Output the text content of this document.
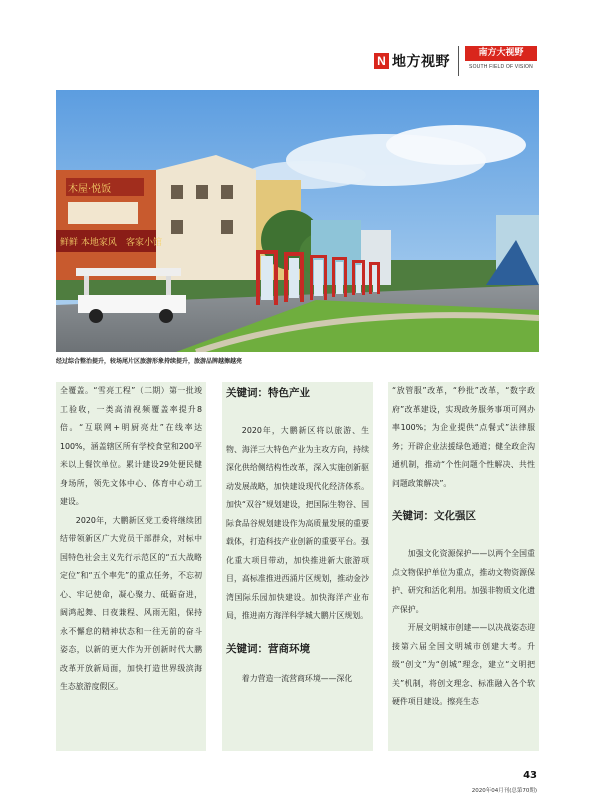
N 地方视野
南方大视野
SOUTH FIELD OF VISION
木屋·悦饭
鲜鲜 本地家风 客家小馆
经过综合整治提升，较场尾片区旅游形象持续提升，旅游品牌越擦越亮

全覆盖。“雪亮工程”（二期）第一批竣工验收，一类高清视频覆盖率提升8倍。“互联网+明厨亮灶”在线率达100%，涵盖辖区所有学校食堂和200平米以上餐饮单位。累计建设29处便民健身场所，领先文体中心、体育中心动工建设。

2020年，大鹏新区党工委将继续团结带领新区广大党员干部群众，对标中国特色社会主义先行示范区的“五大战略定位”和“五个率先”的重点任务，不忘初心、牢记使命，凝心聚力、砥砺奋进，阔鸿起舞、日夜兼程、风雨无阻，保持永不懈怠的精神状态和一往无前的奋斗姿态，以新的更大作为开创新时代大鹏改革开放新局面，加快打造世界级滨海生态旅游度假区。

关键词：特色产业

2020年，大鹏新区将以旅游、生物、海洋三大特色产业为主攻方向，持续深化供给侧结构性改革，深入实施创新驱动发展战略，加快建设现代化经济体系。加快“双谷”规划建设，把国际生物谷、国际食品谷规划建设作为高质量发展的重要载体，打造科技产业创新的重要平台。强化重大项目带动，加快推进新大旅游项目，高标准推进西涌片区规划，推动金沙湾国际乐园加快建设。加快海洋产业布局，推进南方海洋科学城大鹏片区规划。

关键词：营商环境

着力营造一流营商环境——深化

“放管服”改革，“秒批”改革，“数字政府”改革建设，实现政务服务事项可网办率100%；为企业提供“点餐式”法律服务；开辟企业法援绿色通道；健全政企沟通机制，推动“个性问题个性解决、共性问题政策解决”。

关键词：文化强区

加强文化资源保护——以两个全国重点文物保护单位为重点，推动文物资源保护、研究和活化利用。加强非物质文化遗产保护。

开展文明城市创建——以决战姿态迎接第六届全国文明城市创建大考。升级“创文”为“创城”理念，建立“文明把关”机制，将创文理念、标准融入各个软硬件项目建设。擦亮生态

43
2020年04月刊(总第70期)
